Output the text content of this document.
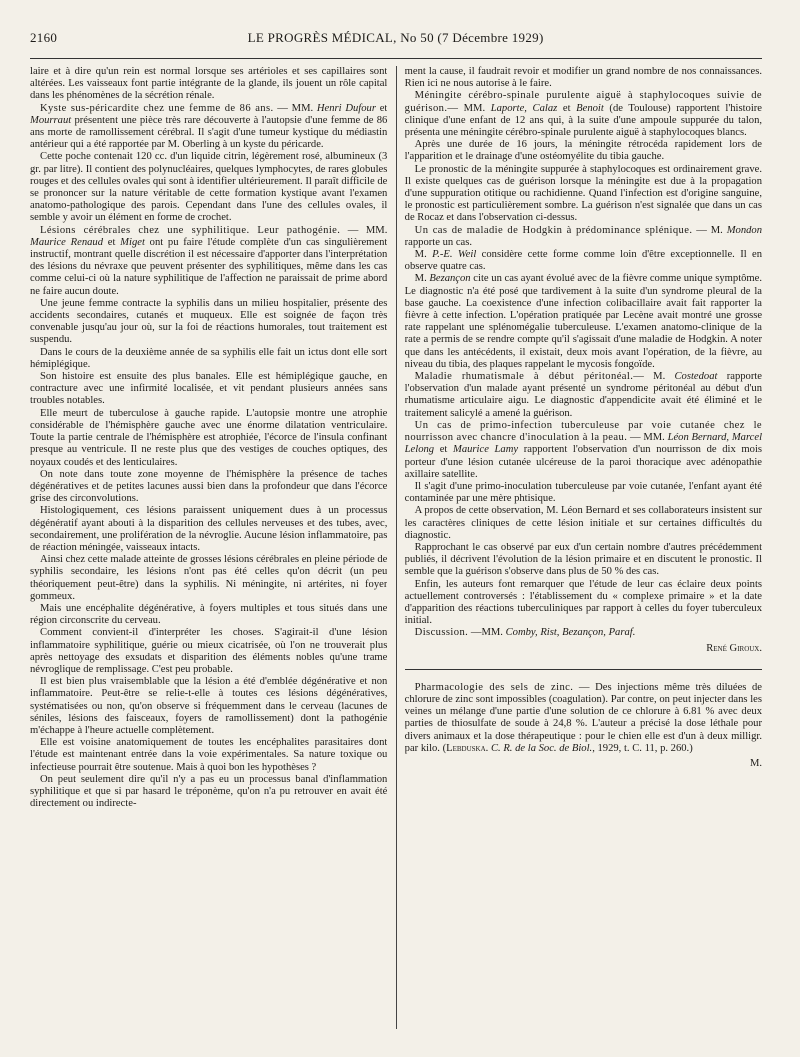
2160	LE PROGRÈS MÉDICAL, No 50 (7 Décembre 1929)

laire et à dire qu'un rein est normal lorsque ses artérioles et ses capillaires sont altérées. Les vaisseaux font partie intégrante de la glande, ils jouent un rôle capital dans les phénomènes de la sécrétion rénale.

Kyste sus-péricardite chez une femme de 86 ans. — MM. Henri Dufour et Mourraut présentent une pièce très rare découverte à l'autopsie d'une femme de 86 ans morte de ramollissement cérébral. Il s'agit d'une tumeur kystique du médiastin antérieur qui a été rapportée par M. Oberling à un kyste du péricarde.

Cette poche contenait 120 cc. d'un liquide citrin, légèrement rosé, albumineux (3 gr. par litre). Il contient des polynucléaires, quelques lymphocytes, de rares globules rouges et des cellules ovales qui sont à identifier ultérieurement. Il paraît difficile de se prononcer sur la nature véritable de cette formation kystique avant l'examen anatomo-pathologique des parois. Cependant dans l'une des cellules ovales, il semble y avoir un élément en forme de crochet.

Lésions cérébrales chez une syphilitique. Leur pathogénie. — MM. Maurice Renaud et Miget ont pu faire l'étude complète d'un cas singulièrement instructif, montrant quelle discrétion il est nécessaire d'apporter dans l'interprétation des lésions du névraxe que peuvent présenter des syphilitiques, même dans les cas comme celui-ci où la nature syphilitique de l'affection ne paraissait de prime abord ne faire aucun doute.

Une jeune femme contracte la syphilis dans un milieu hospitalier, présente des accidents secondaires, cutanés et muqueux. Elle est soignée de façon très convenable jusqu'au jour où, sur la foi de réactions humorales, tout traitement est suspendu.

Dans le cours de la deuxième année de sa syphilis elle fait un ictus dont elle sort hémiplégique.

Son histoire est ensuite des plus banales. Elle est hémiplégique gauche, en contracture avec une infirmité localisée, et vit pendant plusieurs années sans troubles notables.

Elle meurt de tuberculose à gauche rapide. L'autopsie montre une atrophie considérable de l'hémisphère gauche avec une énorme dilatation ventriculaire. Toute la partie centrale de l'hémisphère est atrophiée, l'écorce de l'insula confinant presque au ventricule. Il ne reste plus que des vestiges de couches optiques, des noyaux coudés et des lenticulaires.

On note dans toute zone moyenne de l'hémisphère la présence de taches dégénératives et de petites lacunes aussi bien dans la profondeur que dans l'écorce grise des circonvolutions.

Histologiquement, ces lésions paraissent uniquement dues à un processus dégénératif ayant abouti à la disparition des cellules nerveuses et des tubes, avec, secondairement, une prolifération de la névroglie. Aucune lésion inflammatoire, pas de réaction méningée, vaisseaux intacts.

Ainsi chez cette malade atteinte de grosses lésions cérébrales en pleine période de syphilis secondaire, les lésions n'ont pas été celles qu'on décrit (un peu théoriquement peut-être) dans la syphilis. Ni méningite, ni artérites, ni foyer gommeux.

Mais une encéphalite dégénérative, à foyers multiples et tous situés dans une région circonscrite du cerveau.

Comment convient-il d'interpréter les choses. S'agirait-il d'une lésion inflammatoire syphilitique, guérie ou mieux cicatrisée, où l'on ne trouverait plus après nettoyage des exsudats et disparition des éléments nobles qu'une trame névroglique de remplissage. C'est peu probable.

Il est bien plus vraisemblable que la lésion a été d'emblée dégénérative et non inflammatoire. Peut-être se relie-t-elle à toutes ces lésions dégénératives, systématisées ou non, qu'on observe si fréquemment dans le cerveau (lacunes de séniles, lésions des faisceaux, foyers de ramollissement) dont la pathogénie m'échappe à l'heure actuelle complètement.

Elle est voisine anatomiquement de toutes les encéphalites parasitaires dont l'étude est maintenant entrée dans la voie expérimentales. Sa nature toxique ou infectieuse pourrait être soutenue. Mais à quoi bon les hypothèses ?

On peut seulement dire qu'il n'y a pas eu un processus banal d'inflammation syphilitique et que si par hasard le tréponème, qu'on n'a pu retrouver en avait été directement ou indirecte-

ment la cause, il faudrait revoir et modifier un grand nombre de nos connaissances. Rien ici ne nous autorise à le faire.

Méningite cérébro-spinale purulente aiguë à staphylocoques suivie de guérison.— MM. Laporte, Calaz et Benoit (de Toulouse) rapportent l'histoire clinique d'une enfant de 12 ans qui, à la suite d'une ampoule suppurée du talon, présenta une méningite cérébro-spinale purulente aiguë à staphylocoques blancs.

Après une durée de 16 jours, la méningite rétrocéda rapidement lors de l'apparition et le drainage d'une ostéomyélite du tibia gauche.

Le pronostic de la méningite suppurée à staphylocoques est ordinairement grave. Il existe quelques cas de guérison lorsque la méningite est due à la propagation d'une suppuration otitique ou rachidienne. Quand l'infection est d'origine sanguine, le pronostic est particulièrement sombre. La guérison n'est signalée que dans un cas de Rocaz et dans l'observation ci-dessus.

Un cas de maladie de Hodgkin à prédominance splénique. — M. Mondon rapporte un cas.

M. P.-E. Weil considère cette forme comme loin d'être exceptionnelle. Il en observe quatre cas.

M. Bezançon cite un cas ayant évolué avec de la fièvre comme unique symptôme. Le diagnostic n'a été posé que tardivement à la suite d'un syndrome pleural de la base gauche. La coexistence d'une infection colibacillaire avait fait rapporter la fièvre à cette infection. L'opération pratiquée par Lecène avait montré une grosse rate rappelant une splénomégalie tuberculeuse. L'examen anatomo-clinique de la rate a permis de se rendre compte qu'il s'agissait d'une maladie de Hodgkin. A noter que dans les antécédents, il existait, deux mois avant l'opération, de la fièvre, au niveau du tibia, des plaques rappelant le mycosis fongoïde.

Maladie rhumatismale à début péritonéal.— M. Costedoat rapporte l'observation d'un malade ayant présenté un syndrome péritonéal au début d'un rhumatisme articulaire aigu. Le diagnostic d'appendicite avait été éliminé et le traitement salicylé a amené la guérison.

Un cas de primo-infection tuberculeuse par voie cutanée chez le nourrisson avec chancre d'inoculation à la peau. — MM. Léon Bernard, Marcel Lelong et Maurice Lamy rapportent l'observation d'un nourrisson de dix mois porteur d'une lésion cutanée ulcéreuse de la paroi thoracique avec adénopathie axillaire satellite.

Il s'agit d'une primo-inoculation tuberculeuse par voie cutanée, l'enfant ayant été contaminée par une mère phtisique.

A propos de cette observation, M. Léon Bernard et ses collaborateurs insistent sur les caractères cliniques de cette lésion initiale et sur certaines difficultés du diagnostic.

Rapprochant le cas observé par eux d'un certain nombre d'autres précédemment publiés, il décrivent l'évolution de la lésion primaire et en discutent le pronostic. Il semble que la guérison s'observe dans plus de 50 % des cas.

Enfin, les auteurs font remarquer que l'étude de leur cas éclaire deux points actuellement controversés : l'établissement du « complexe primaire » et la date d'apparition des réactions tuberculiniques par rapport à celles du foyer tuberculeux initial.

Discussion. —MM. Comby, Rist, Bezançon, Paraf.

René Giroux.

Pharmacologie des sels de zinc. — Des injections même très diluées de chlorure de zinc sont impossibles (coagulation). Par contre, on peut injecter dans les veines un mélange d'une partie d'une solution de ce chlorure à 6.81 % avec deux parties de thiosulfate de soude à 24,8 %. L'auteur a précisé la dose léthale pour divers animaux et la dose thérapeutique : pour le chien elle est d'un à deux milligr. par kilo. (Lebduska. C. R. de la Soc. de Biol., 1929, t. C. 11, p. 260.)

M.
